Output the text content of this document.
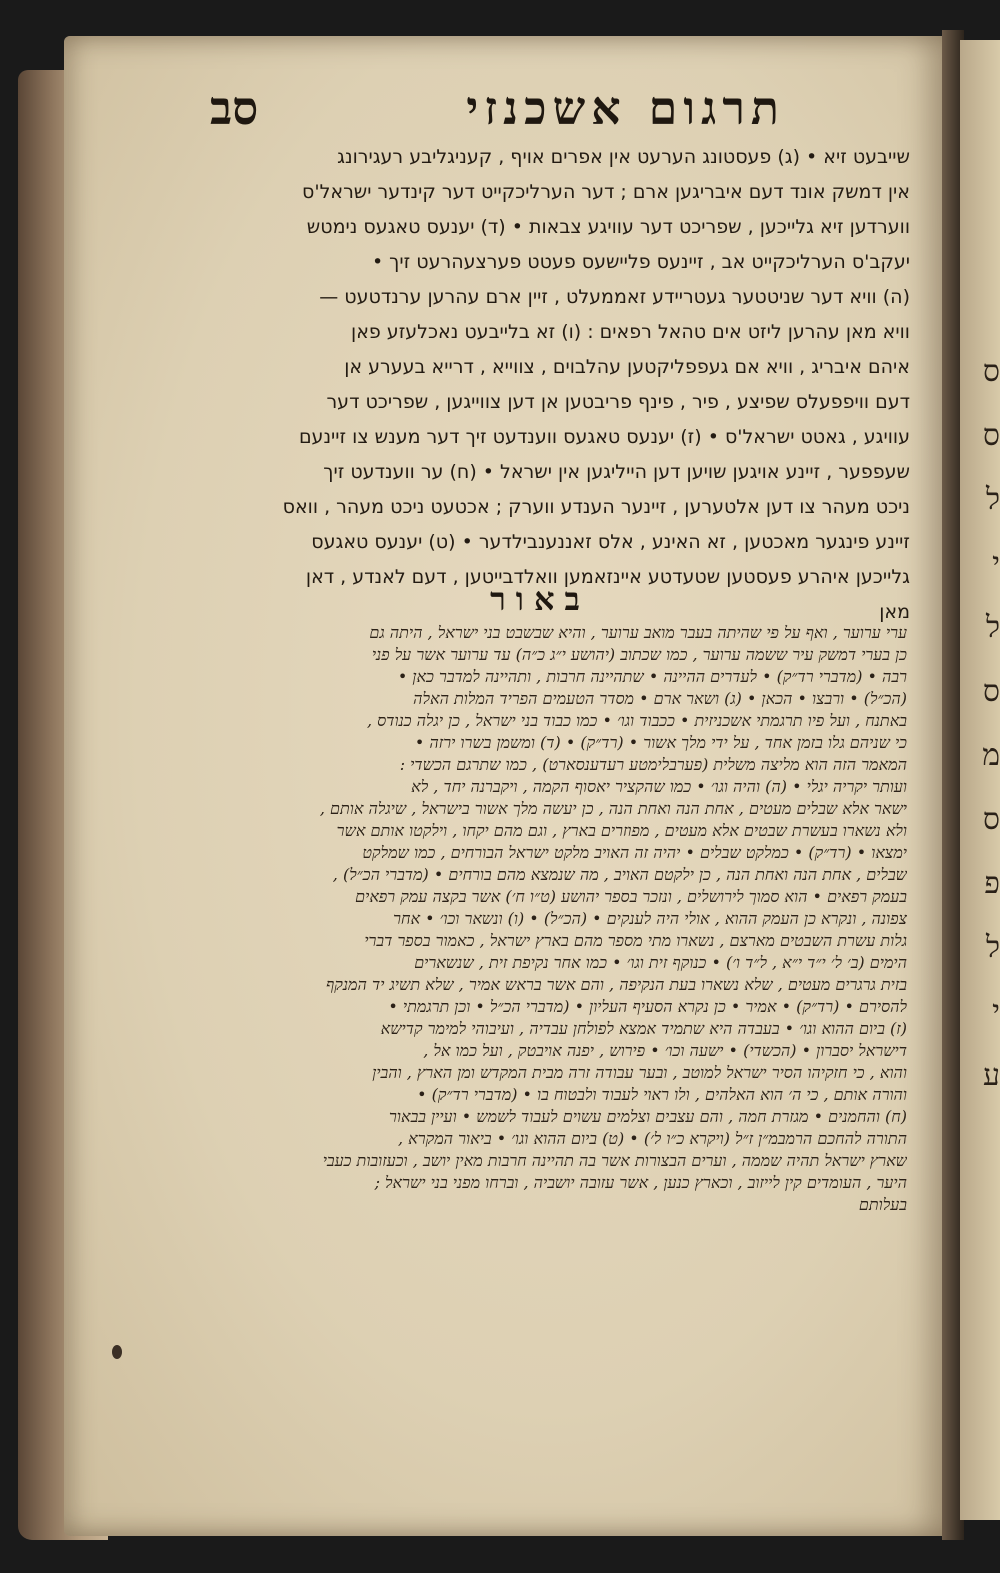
ס
ס
ל
י
ל
ס
מ
ס
פ
ל
י
ע
תרגום אשכנזי
סב
שייבעט זיא • (ג) פעסטונג הערעט אין אפרים אויף , קעניגליבע רעגירונג
אין דמשק אונד דעם איבריגען ארם ; דער הערליכקייט דער קינדער ישראל'ס
ווערדען זיא גלייכען , שפריכט דער עוויגע צבאות • (ד) יענעס טאגעס נימטש
יעקב'ס הערליכקייט אב , זיינעס פליישעס פעטט פערצעהרעט זיך •
(ה) וויא דער שניטטער געטריידע זאממעלט , זיין ארם עהרען ערנדטעט —
וויא מאן עהרען ליזט אים טהאל רפאים : (ו) זא בלייבעט נאכלעזע פאן
איהם איבריג , וויא אם געפפליקטען עהלבוים , צווייא , דרייא בעערע אן
דעם וויפפעלס שפיצע , פיר , פינף פריבטען אן דען צווייגען , שפריכט דער
עוויגע , גאטט ישראל'ס • (ז) יענעס טאגעס ווענדעט זיך דער מענש צו זיינעם
שעפפער , זיינע אויגען שויען דען הייליגען אין ישראל • (ח) ער ווענדעט זיך
ניכט מעהר צו דען אלטערען , זיינער הענדע ווערק ; אכטעט ניכט מעהר , וואס
זיינע פינגער מאכטען , זא האינע , אלס זאננענבילדער • (ט) יענעס טאגעס
גלייכען איהרע פעסטען שטעדטע איינזאמען וואלדבייטען , דעם לאנדע , דאן
מאן
באור
ערי ערוער , ואף על פי שהיתה בעבר מואב ערוער , והיא שבשבט בני ישראל , היתה גם
כן בערי דמשק עיר ששמה ערוער , כמו שכתוב (יהושע י״ג כ״ה) עד ערוער אשר על פני
רבה • (מדברי רד״ק) • לעדרים ההיינה • שתהיינה חרבות , ותהיינה למדבר כאן •
(הכ״ל) • ורבצו • הכאן • (ג) ושאר ארם • מסדר הטעמים הפריד המלות האלה
באתנח , ועל פיו תרגמתי אשכניזית • ככבוד וגו׳ • כמו כבוד בני ישראל , כן יגלה כנודס ,
כי שניהם גלו בזמן אחד , על ידי מלך אשור • (רד״ק) • (ד) ומשמן בשרו ירזה •
המאמר הזה הוא מליצה משלית (פערבלימטע רעדענסארט) , כמו שתרגם הכשדי :
ועותר יקריה יגלי • (ה) והיה וגו׳ • כמו שהקציר יאסוף הקמה , ויקברנה יחד , לא
ישאר אלא שבלים מעטים , אחת הנה ואחת הנה , כן יעשה מלך אשור בישראל , שיגלה אותם ,
ולא נשארו בעשרת שבטים אלא מעטים , מפוזרים בארץ , וגם מהם יקחו , וילקטו אותם אשר
ימצאו • (רד״ק) • כמלקט שבלים • יהיה זה האויב מלקט ישראל הבורחים , כמו שמלקט
שבלים , אחת הנה ואחת הנה , כן ילקטם האויב , מה שנמצא מהם בורחים • (מדברי הכ״ל) ,
בעמק רפאים • הוא סמוך לירושלים , ונזכר בספר יהושע (ט״ו ח׳) אשר בקצה עמק רפאים
צפונה , ונקרא כן העמק ההוא , אולי היה לענקים • (הכ״ל) • (ו) ונשאר וכו׳ • אחר
גלות עשרת השבטים מארצם , נשארו מתי מספר מהם בארץ ישראל , כאמור בספר דברי
הימים (ב׳ ל׳ י״ד י״א , ל״ד ו׳) • כנוקף זית וגו׳ • כמו אחר נקיפת זית , שנשארים
בזית גרגרים מעטים , שלא נשארו בעת הנקיפה , והם אשר בראש אמיר , שלא תשיג יד המנקף
להסירם • (רד״ק) • אמיר • כן נקרא הסעיף העליון • (מדברי הכ״ל • וכן תרגמתי •
(ז) ביום ההוא וגו׳ • בעבדה היא שתמיד אמצא לפולחן עבדיה , ועיבוהי למימר קדישא
דישראל יסברון • (הכשדי) • ישעה וכו׳ • פירוש , יפנה אויבטק , ועל כמו אל ,
והוא , כי חזקיהו הסיר ישראל למוטב , ובער עבודה זרה מבית המקדש ומן הארץ , והבין
והורה אותם , כי ה׳ הוא האלהים , ולו ראוי לעבוד ולבטוח בו • (מדברי רד״ק) •
(ח) והחמנים • מגזרת חמה , והם עצבים וצלמים עשוים לעבוד לשמש • ועיין בבאור
התורה להחכם הרמבמ״ן ז״ל (ויקרא כ״ו ל׳) • (ט) ביום ההוא וגו׳ • ביאור המקרא ,
שארץ ישראל תהיה שממה , וערים הבצורות אשר בה תהיינה חרבות מאין יושב , וכעזובות כעבי
היער , העומדים קין לייזוב , וכארץ כנען , אשר עזובה יושביה , וברחו מפני בני ישראל ;
בעלותם
